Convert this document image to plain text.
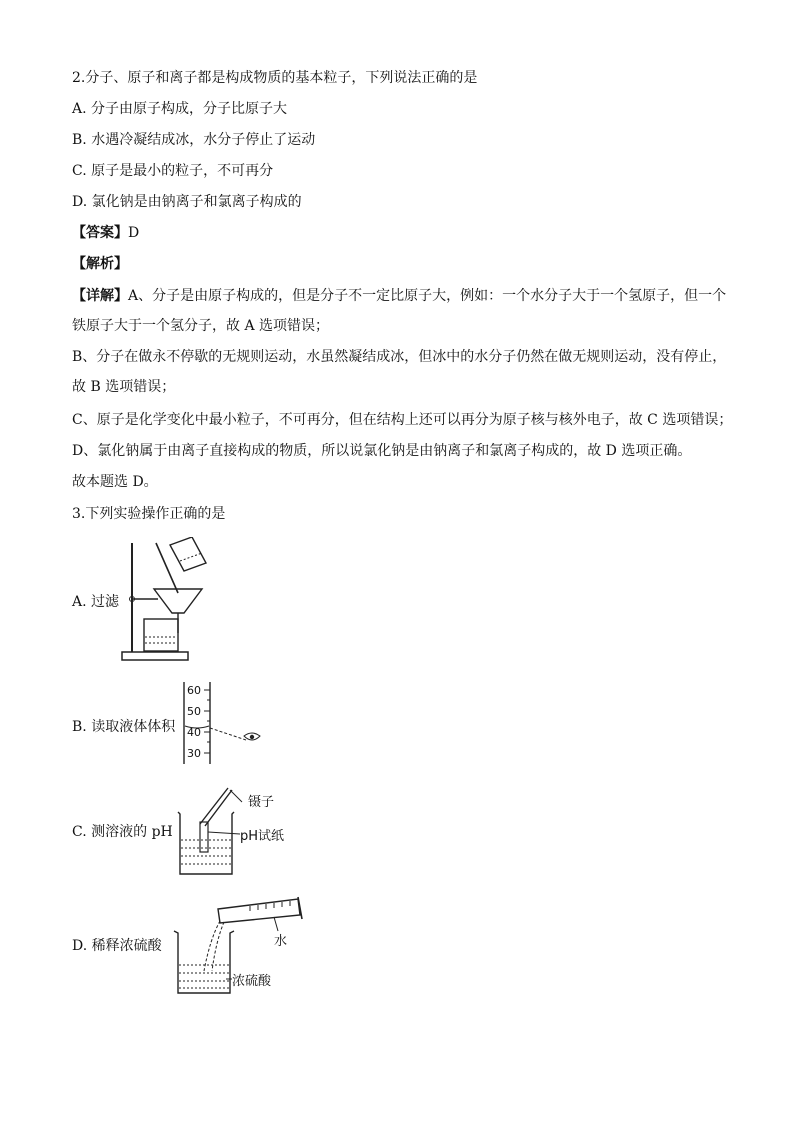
2.分子、原子和离子都是构成物质的基本粒子，下列说法正确的是
A. 分子由原子构成，分子比原子大
B. 水遇冷凝结成冰，水分子停止了运动
C. 原子是最小的粒子，不可再分
D. 氯化钠是由钠离子和氯离子构成的
【答案】D
【解析】
【详解】A、分子是由原子构成的，但是分子不一定比原子大，例如：一个水分子大于一个氢原子，但一个
铁原子大于一个氢分子，故 A 选项错误；
B、分子在做永不停歇的无规则运动，水虽然凝结成冰，但冰中的水分子仍然在做无规则运动，没有停止，
故 B 选项错误；
C、原子是化学变化中最小粒子，不可再分，但在结构上还可以再分为原子核与核外电子，故 C 选项错误；
D、氯化钠属于由离子直接构成的物质，所以说氯化钠是由钠离子和氯离子构成的，故 D 选项正确。
故本题选 D。
3.下列实验操作正确的是
A. 过滤
B. 读取液体体积
60
50
40
30
C. 测溶液的 pH
镊子
pH试纸
D. 稀释浓硫酸	水
浓硫酸
